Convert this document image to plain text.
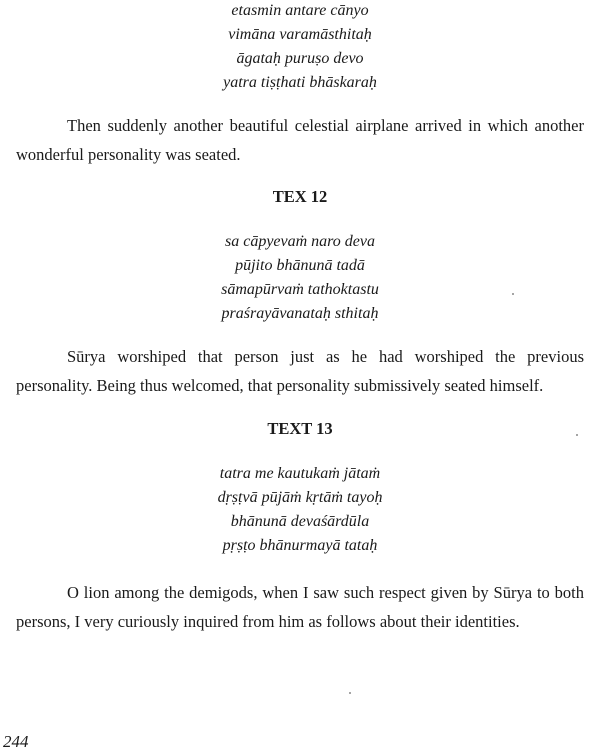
etasmin antare cānyo
vimāna varamāsthitaḥ
āgataḥ puruṣo devo
yatra tiṣṭhati bhāskaraḥ

Then suddenly another beautiful celestial airplane arrived in which another wonderful personality was seated.

TEX 12
sa cāpyevaṁ naro deva
pūjito bhānunā tadā
sāmapūrvaṁ tathoktastu
praśrayāvanataḥ sthitaḥ

Sūrya worshiped that person just as he had worshiped the previous personality. Being thus welcomed, that personality submissively seated himself.

TEXT 13
tatra me kautukaṁ jātaṁ
dṛṣṭvā pūjāṁ kṛtāṁ tayoḥ
bhānunā devaśārdūla
pṛṣṭo bhānurmayā tataḥ

O lion among the demigods, when I saw such respect given by Sūrya to both persons, I very curiously inquired from him as follows about their identities.

244
